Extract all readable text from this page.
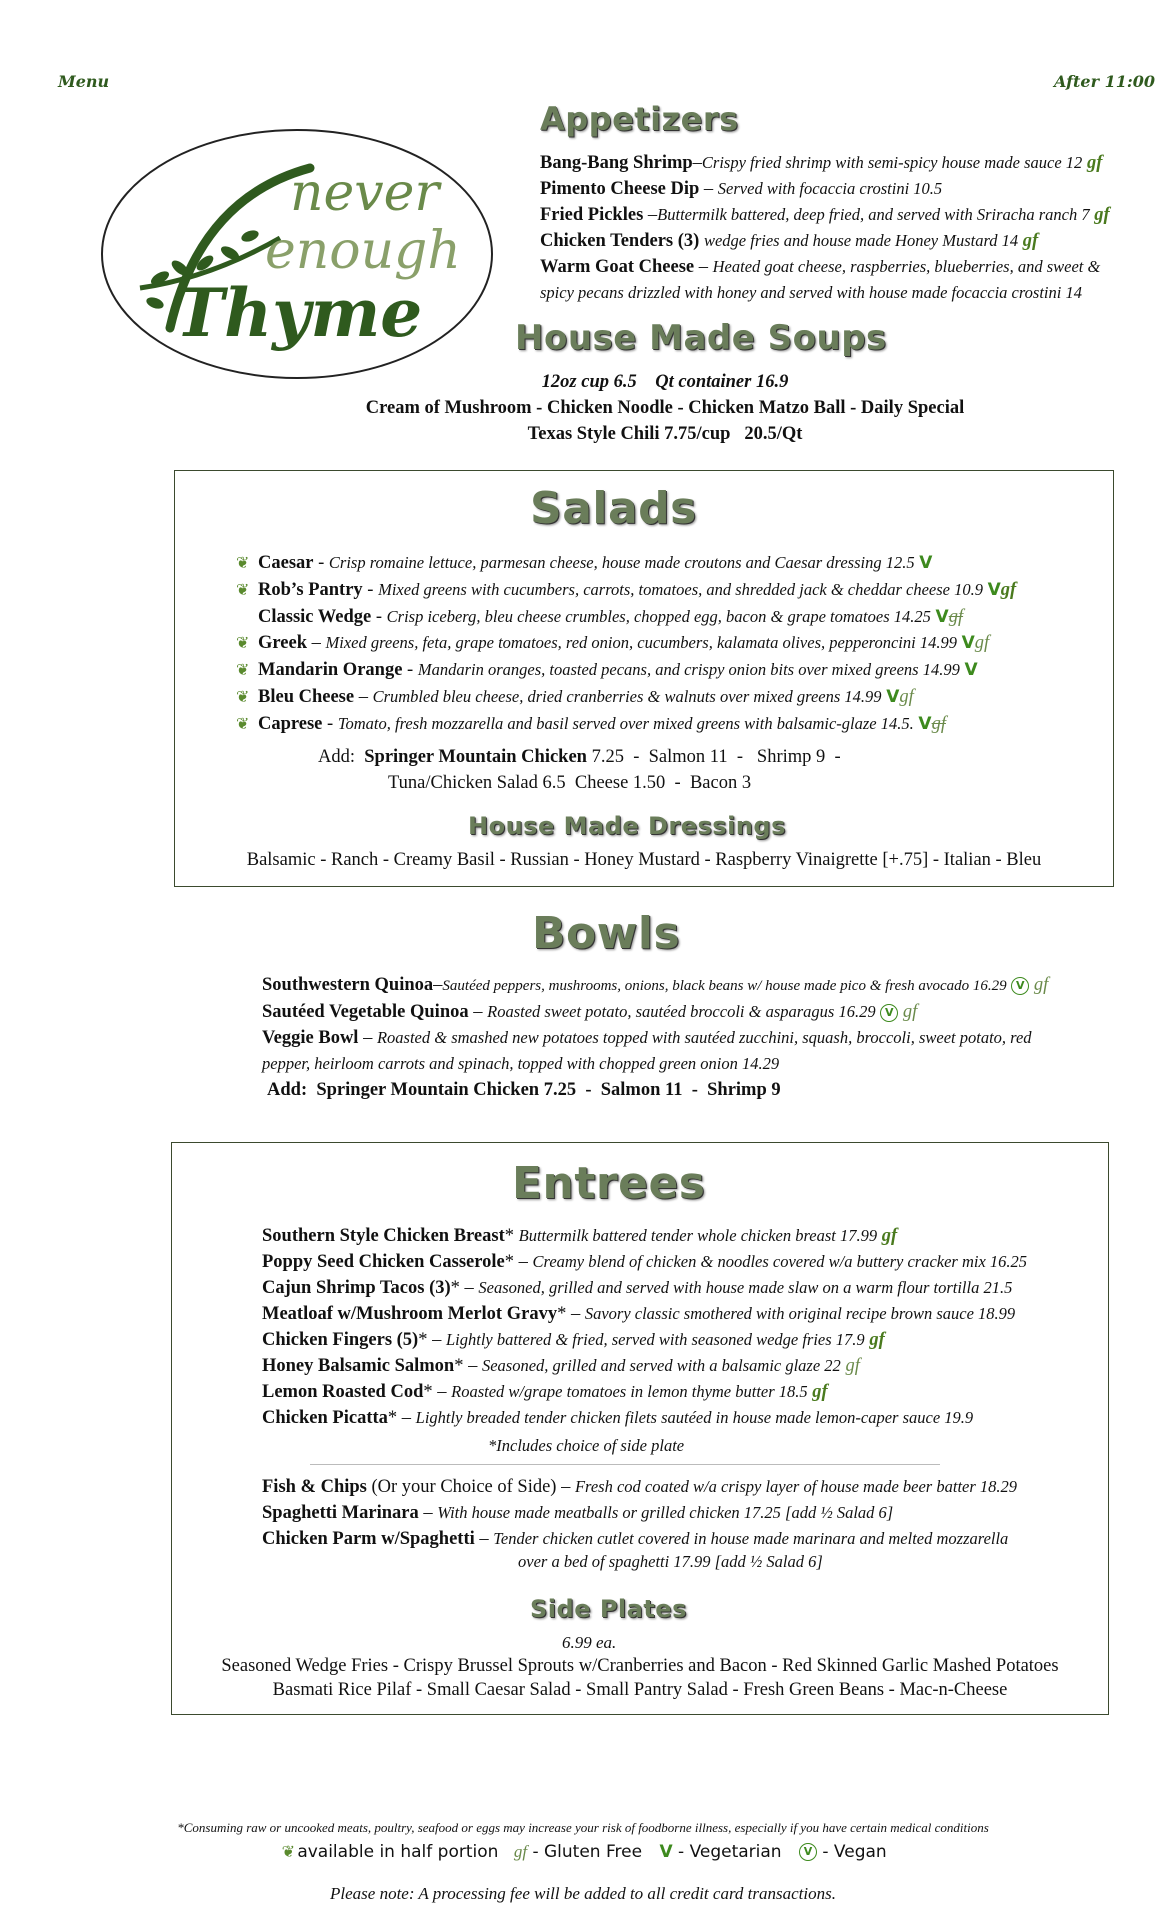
Menu	After 11:00
never
enough
Thyme
Appetizers
Bang-Bang Shrimp–Crispy fried shrimp with semi-spicy house made sauce 12 gf
Pimento Cheese Dip – Served with focaccia crostini 10.5
Fried Pickles –Buttermilk battered, deep fried, and served with Sriracha ranch 7 gf
Chicken Tenders (3) wedge fries and house made Honey Mustard 14 gf
Warm Goat Cheese – Heated goat cheese, raspberries, blueberries, and sweet &
spicy pecans drizzled with honey and served with house made focaccia crostini 14
House Made Soups
12oz cup 6.5    Qt container 16.9
Cream of Mushroom - Chicken Noodle - Chicken Matzo Ball - Daily Special
Texas Style Chili 7.75/cup   20.5/Qt
Salads
❦ Caesar - Crisp romaine lettuce, parmesan cheese, house made croutons and Caesar dressing 12.5 V
❦ Rob’s Pantry - Mixed greens with cucumbers, carrots, tomatoes, and shredded jack & cheddar cheese 10.9 Vgf
Classic Wedge - Crisp iceberg, bleu cheese crumbles, chopped egg, bacon & grape tomatoes 14.25 Vgf
❦ Greek – Mixed greens, feta, grape tomatoes, red onion, cucumbers, kalamata olives, pepperoncini 14.99 Vgf
❦ Mandarin Orange - Mandarin oranges, toasted pecans, and crispy onion bits over mixed greens 14.99 V
❦ Bleu Cheese – Crumbled bleu cheese, dried cranberries & walnuts over mixed greens 14.99 Vgf
❦ Caprese - Tomato, fresh mozzarella and basil served over mixed greens with balsamic-glaze 14.5. Vgf
Add: Springer Mountain Chicken 7.25  -  Salmon 11  -   Shrimp 9  -
Tuna/Chicken Salad 6.5  Cheese 1.50  -  Bacon 3
House Made Dressings
Balsamic - Ranch - Creamy Basil - Russian - Honey Mustard - Raspberry Vinaigrette [+.75] - Italian - Bleu
Bowls
Southwestern Quinoa–Sautéed peppers, mushrooms, onions, black beans w/ house made pico & fresh avocado 16.29 V gf
Sautéed Vegetable Quinoa – Roasted sweet potato, sautéed broccoli & asparagus 16.29 V gf
Veggie Bowl – Roasted & smashed new potatoes topped with sautéed zucchini, squash, broccoli, sweet potato, red
pepper, heirloom carrots and spinach, topped with chopped green onion 14.29
Add:  Springer Mountain Chicken 7.25  -  Salmon 11  -  Shrimp 9
Entrees
Southern Style Chicken Breast* Buttermilk battered tender whole chicken breast 17.99 gf
Poppy Seed Chicken Casserole* – Creamy blend of chicken & noodles covered w/a buttery cracker mix 16.25
Cajun Shrimp Tacos (3)* – Seasoned, grilled and served with house made slaw on a warm flour tortilla 21.5
Meatloaf w/Mushroom Merlot Gravy* – Savory classic smothered with original recipe brown sauce 18.99
Chicken Fingers (5)* – Lightly battered & fried, served with seasoned wedge fries 17.9 gf
Honey Balsamic Salmon* – Seasoned, grilled and served with a balsamic glaze 22 gf
Lemon Roasted Cod* – Roasted w/grape tomatoes in lemon thyme butter 18.5 gf
Chicken Picatta* – Lightly breaded tender chicken filets sautéed in house made lemon-caper sauce 19.9
*Includes choice of side plate
Fish & Chips (Or your Choice of Side) – Fresh cod coated w/a crispy layer of house made beer batter 18.29
Spaghetti Marinara – With house made meatballs or grilled chicken 17.25 [add ½ Salad 6]
Chicken Parm w/Spaghetti – Tender chicken cutlet covered in house made marinara and melted mozzarella
over a bed of spaghetti 17.99 [add ½ Salad 6]
Side Plates
6.99 ea.
Seasoned Wedge Fries - Crispy Brussel Sprouts w/Cranberries and Bacon - Red Skinned Garlic Mashed Potatoes
Basmati Rice Pilaf - Small Caesar Salad - Small Pantry Salad - Fresh Green Beans - Mac-n-Cheese
*Consuming raw or uncooked meats, poultry, seafood or eggs may increase your risk of foodborne illness, especially if you have certain medical conditions
❦ available in half portion gf - Gluten Free V - Vegetarian V - Vegan
Please note: A processing fee will be added to all credit card transactions.
